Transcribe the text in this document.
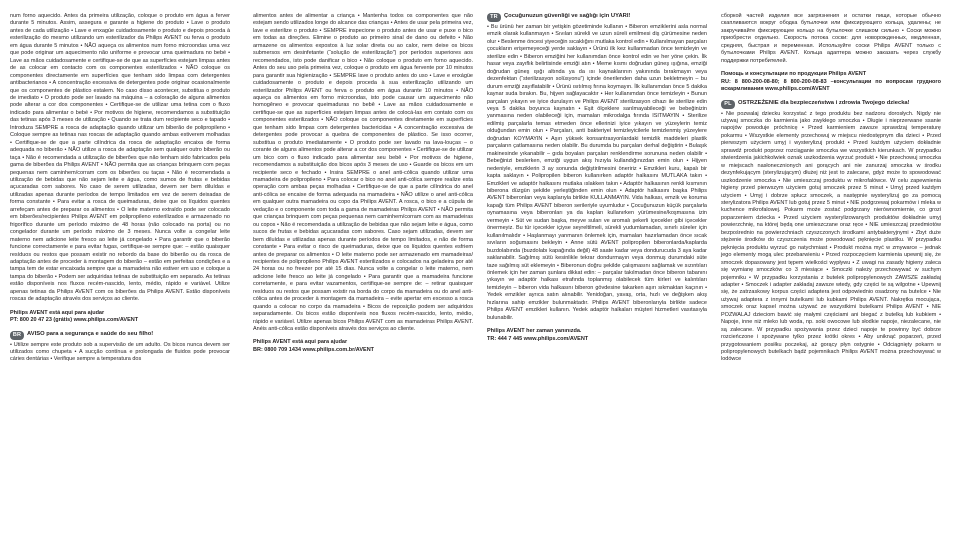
num forno aquecido. Antes da primeira utilização, coloque o produto em água a ferver durante 5 minutos. Assim, assegura e garante a higiene do produto • Lave o produto antes de cada utilização • Lave e enxagúe cuidadosamente o produto e depois proceda à esterilização do mesmo utilizando um esterilizador da Philips AVENT ou ferva o produto em água durante 5 minutos • NÃO aqueça os alimentos num forno microondas uma vez que pode originar um aquecimento não uniforme e provocar uma queimadura no bebé • Lave as mãos cuidadosamente e certifique-se de que as superfícies estejam limpas antes de as colocar em contacto com os componentes esterilizados • NÃO coloque os componentes directamente em superfícies que tenham sido limpas com detergentes antibacterianos • A concentração excessiva de detergentes pode originar ocasionalmente que os componentes de plástico estalem. No caso disso acontecer, substitua o produto de imediato • O produto pode ser lavado na máquina – a coloração de alguns alimentos pode alterar a cor dos componentes • Certifique-se de utilizar uma tetina com o fluxo indicado para alimentar o bebé • Por motivos de higiene, recomendamos a substituição das tetinas após 3 meses de utilização • Quando se trata dum recipiente seco e tapado • Introduza SEMPRE a rosca de adaptação quando utilizar um biberão de polipropileno • Coloque sempre as tetinas nas roscas de adaptação quando ambas estiverem molhadas • Certifique-se de que a parte cilíndrica da rosca de adaptação encaixa de forma adequada no biberão • NÃO utilize a rosca de adaptação sem qualquer outro biberão ou taça • Não é recomendada a utilização de biberões que não tenham sido fabricados pela gama de biberões da Philips AVENT • NÃO permita que as crianças brinquem com peças pequenas nem caminhem/corram com os biberões ou taças • Não é recomendada a utilização de bebidas que não sejam leite e água, como sumos de frutas e bebidas açucaradas com sabores. No caso de serem utilizadas, devem ser bem diluídas e utilizadas apenas durante períodos de tempo limitados em vez de serem deixadas de forma constante • Para evitar a rosca de queimaduras, deixe que os líquidos quentes arrefeçam antes de preparar os alimentos • O leite materno extraído pode ser colocado em biberões/recipientes Philips AVENT em polipropileno esterilizados e armazenado no frigorífico durante um período máximo de 48 horas (não colocado na porta) ou no congelador durante um período máximo de 3 meses. Nunca volte a congelar leite materno nem adicione leite fresco ao leite já congelado • Para garantir que o biberão funcione correctamente e para evitar fugas, certifique-se sempre que: – estão quaisquer resíduos ou restos que possam existir no rebordo da base do biberão ou da rosca de adaptação antes de proceder à montagem do biberão – estão em perfeitas condições e a tampa tem de estar encaixada sempre que a mamadeira não estiver em uso e coloque a tampa do biberão • Podem ser adquiridas tetinas de substituição em separado. As tetinas estão disponíveis nos fluxos recém-nascido, lento, médio, rápido e variável. Utilize apenas tetinas da Philips AVENT com os biberões da Philips AVENT. Estão disponíveis roscas de adaptação através dos serviços ao cliente.

Philips AVENT está aqui para ajudar
PT: 800 20 47 23 (grátis) www.philips.com/AVENT
BR	AVISO para a segurança e saúde do seu filho!

• Utilize sempre este produto sob a supervisão de um adulto. Os bicos nunca devem ser utilizados como chupeta • A sucção contínua e prolongada de fluidos pode provocar cáries dentárias • Verifique sempre a temperatura dos

alimentos antes de alimentar a criança • Mantenha todos os componentes que não estejam sendo utilizados longe do alcance das crianças • Antes de usar pela primeira vez, lave e esterilize o produto • SEMPRE inspecione o produto antes de usar e puxe o bico em todas as direções. Elimine o produto ao primeiro sinal de dano ou defeito • Não armazene os alimentos expostos à luz solar direta ou ao calor, nem deixe os bicos submersos em desinfetante (“solução de esterilização”) por períodos superiores aos recomendados, isto pode danificar o bico • Não coloque o produto em forno aquecido. Antes do seu uso pela primeira vez, coloque o produto em água fervente por 10 minutos para garantir sua higienização • SEMPRE lave o produto antes do uso • Lave e enxágüe cuidadosamente o produto e depois proceda à sua esterilização utilizando um esterilizador Philips AVENT ou ferva o produto em água durante 10 minutos • NÃO aqueça os alimentos em forno microondas, isto pode causar um aquecimento não homogêneo e provocar queimaduras no bebê • Lave as mãos cuidadosamente e certifique-se que as superfícies estejam limpas antes de colocá-las em contato com os componentes esterilizados • NÃO coloque os componentes diretamente em superfícies que tenham sido limpas com detergentes bactericidas • A concentração excessiva de detergentes pode provocar a quebra de componentes de plástico. Se isso ocorrer, substitua o produto imediatamente • O produto pode ser lavado na lava-louças – o corante de alguns alimentos pode alterar a cor dos componentes • Certifique-se de utilizar um bico com o fluxo indicado para alimentar seu bebê • Por motivos de higiene, recomendamos a substituição dos bicos após 3 meses de uso • Guarde os bicos em um recipiente seco e fechado • Insira SEMPRE o anel anti-cólica quando utilizar uma mamadeira de polipropileno • Para colocar o bico no anel anti-cólica sempre realize esta operação com ambas peças molhadas • Certifique-se de que a parte cilíndrica do anel anti-cólica se encaixe de forma adequada na mamadeira • NÃO utilize o anel anti-cólica em qualquer outra mamadeira ou copo da Philips AVENT. A rosca, o bico e a cúpula de vedação e o componente com toda a gama de mamadeiras Philips AVENT • NÃO permita que crianças brinquem com peças pequenas nem caminhem/corram com as mamadeiras ou copos • Não é recomendada a utilização de bebidas que não sejam leite e água, como sucos de frutas e bebidas açucaradas com sabores. Caso sejam utilizadas, devem ser bem diluídas e utilizadas apenas durante períodos de tempo limitados, e não de forma constante • Para evitar o risco de queimaduras, deixe que os líquidos quentes esfriem antes de preparar os alimentos • O leite materno pode ser armazenado em mamadeiras/ recipientes de polipropileno Philips AVENT esterilizados e colocados na geladeira por até 24 horas ou no freezer por até 15 dias. Nunca volte a congelar o leite materno, nem adicione leite fresco ao leite já congelado • Para garantir que a mamadeira funcione corretamente, e para evitar vazamentos, certifique-se sempre de: – retirar quaisquer resíduos ou restos que possam existir na borda do corpo da mamadeira ou do anel anti-cólica antes de proceder à montagem da mamadeira – evite apertar em excesso a rosca quando a colocar no corpo da mamadeira • Bicos de reposição podem ser adquiridos separadamente. Os bicos estão disponíveis nos fluxos recém-nascido, lento, médio, rápido e variável. Utilize apenas bicos Philips AVENT com as mamadeiras Philips AVENT. Anéis anti-cólica estão disponíveis através dos serviços ao cliente.

Philips AVENT está aqui para ajudar
BR: 0800 709 1434 www.philips.com.br/AVENT
TR	Çocuğunuzun güvenliği ve sağlığı için UYARI!

• Bu ürünü her zaman bir yetişkin gözetiminde kullanın • Biberon emziklerini asla normal emzik olarak kullanmayın • Sıvıları sürekli ve uzun süreli emilmesi diş çürümesine neden olur • Beslenme öncesi yiyeceğin sıcaklığını mutlaka kontrol edin • Kullanılmayan parçaları çocukların erişemeyeceği yerde saklayın • Ürünü ilk kez kullanmadan önce temizleyin ve sterilize edin • Biberon emziğini her kullanımdan önce kontrol edin ve her yöne çekin. İlk hasar veya zayıflık belirtisinde emziği atın • Meme kısmı doğrudan güneş ışığına, emziği doğrudan güneş ışığı altında ya da ısı kaynaklarının yakınında bırakmayın veya dezenfektan (“sterilizasyon solüsyonu”) içinde önerilenden daha uzun bekletmeyin – bu durum emziği zayıflatabilir • Ürünü ısıtılmış fırına koymayın. İlk kullanımdan önce 5 dakika kaynar suda bırakın. Bu, hijyen sağlayacaktır • Her kullanımdan önce temizleyin • Bunun parçaları yıkayın ve iyice durulayın ve Philips AVENT sterilizasyon cihazı ile sterilize edin veya 5 dakika boyunca kaynatın • Eşit ölçeklere sarılmayabileceği ve bebeğinizin yanmasına neden olabileceği için, mamaları mikrodalga fırında ISITMAYIN • Sterilize edilmiş parçalarla temas etmeden önce ellerinizi iyice yıkayın ve yüzeylerin temiz olduğundan emin olun • Parçaları, anti bakteriyel temizleyicilerle temizlenmiş yüzeylere doğrudan KOYMAYIN • Aşırı yüksek konsantrasyonlardaki temizlik maddeleri plastik parçaların çatlamasına neden olabilir. Bu durumda bu parçaları derhal değiştirin • Bulaşık makinesinde yıkanabilir – gıda boyaları parçaları renklendirme sorununa neden olabilir • Bebeğinizi beslerken, emziği uygun akış hızıyla kullandığınızdan emin olun • Hijyen nedeniyle, emziklerin 3 ay sonunda değiştirilmesini öneririz • Emzikleri kuru, kapalı bir kapta saklayın • Polipropilen biberon kullanırken adaptör halkasını MUTLAKA takın • Emzikleri ve adaptör halkasını mutlaka ıslakken takın • Adaptör halkasının renkli kısmının biberona düzgün şekilde yerleştiğinden emin olun • Adaptör halkasını başka Philips AVENT biberonları veya kaplarıyla birlikte KULLANMAYIN. Vida halkası, emzik ve koruma kapağı tüm Philips AVENT biberon serileriyle uyumludur • Çocuğunuzun küçük parçalarla oynamasına veya biberonları ya da kapları kullanırken yürümesine/koşmasına izin vermeyin • Süt ve sudan başka, meyve suları ve aromalı şekerli içecekler gibi içecekler önermeyiz. Bu tür içecekler içiyse seyreltilmeli, sürekli yudumlamadan, sınırlı süreler için kullanılmalıdır • Haşlanmayı yanmanın önlemek için, mamaları hazırlamadan önce sıcak sıvıların soğumasını bekleyin • Anne sütü AVENT polipropilen biberonlarda/kaplarda buzdolabında (buzdolabı kapağında değil) 48 saate kadar veya dondurucuda 3 aya kadar saklanabilir. Sağılmış sütü kesinlikle tekrar dondurmayın veya donmuş durumdaki süte taze sağılmış süt eklemeyin • Biberonun doğru şekilde çalışmasını sağlamak ve sızıntıları önlemek için her zaman şunlara dikkat edin: – parçalar takılmadan önce biberon tabanını yıkayın ve adaptör halkası etrafında toplanmış olabilecek tüm kirleri ve kalıntıları temizleyin – biberon vida halkasını biberon gövdesine takarken aşırı sıkmaktan kaçının • Yedek emzikler ayrıca satın alınabilir. Yenidoğan, yavaş, orta, hızlı ve değişken akış hızlarına sahip emzikler bulunmaktadır. Philips AVENT biberonlarıyla birlikte sadece Philips AVENT emzikleri kullanın. Yedek adaptör halkaları müşteri hizmetleri vasıtasıyla bulunabilir.

Philips AVENT her zaman yanınızda.
TR: 444 7 445 www.philips.com/AVENT

сборкой частей изделия все загрязнения и остатки пищи, которые обычно скапливаются вокруг ободка бутылочки или фиксирующего кольца, удалены; не закручивайте фиксирующее кольцо на бутылочке слишком сильно • Соски можно приобрести отдельно. Скорость потока соски: для новорожденных, медленная, средняя, быстрая и переменная. Используйте соски Philips AVENT только с бутылочками Philips AVENT. Кольца адаптера можно заказать через службу поддержки потребителей.

Помощь и консультации по продукции Philips AVENT
RU: 8 800-200-08-80; 8 800-200-08-83 –консультации по вопросам грудного вскармливания www.philips.com/AVENT
PL	OSTRZEŻENIE dla bezpieczeństwa i zdrowia Twojego dziecka!

• Nie pozwalaj dziecku korzystać z tego produktu bez nadzoru dorosłych. Nigdy nie używaj smoczka do karmienia jako zwykłego smoczka • Długie i nieprzerwane ssanie napojów powoduje próchnicę • Przed karmieniem zawsze sprawdzaj temperaturę pokarmu • Wszystkie elementy przechowuj w miejscu niedostępnym dla dzieci • Przed pierwszym użyciem umyj i wysterylizuj produkt • Przed każdym użyciem dokładnie sprawdź produkt poprzez rozciąganie smoczka we wszystkich kierunkach. W przypadku stwierdzenia jakichkolwiek oznak uszkodzenia wyrzuć produkt • Nie przechowuj smoczka w miejscach nasłonecznionych ani gorących ani nie zanurzaj smoczka w środku dezynfekującym (sterylizującym) dłużej niż jest to zalecane, gdyż może to spowodować uszkodzenie smoczka • Nie umieszczaj produktu w mikrofalówce. W celu zapewnienia higieny przed pierwszym użyciem gotuj smoczek przez 5 minut • Umyj przed każdym użyciem • Umyj i dobrze spłucz smoczek, a następnie wysterylizuj go za pomocą sterylizatora Philips AVENT lub gotuj przez 5 minut • NIE podgrzewaj pokarmów i mleka w kuchence mikrofalowej. Pokarm może zostać podgrzany nierównomiernie, co grozi poparzeniem dziecka • Przed użyciem wysterylizowanych produktów dokładnie umyj powierzchnię, na której będą one umieszczane oraz ręce • NIE umieszczaj przedmiotów bezpośrednio na powierzchniach czyszczonych środkami antybakteryjnymi • Zbyt duże stężenie środków do czyszczenia może powodować pęknięcie plastiku. W przypadku pęknięcia produktu wyrzuć go natychmiast • Produkt można myć w zmywarce – jednak jego elementy mogą ulec przebarwieniu • Przed rozpoczęciem karmienia upewnij się, że smoczek dopasowany jest tępem wielkości wypływu • Z uwagi na zasady higieny zaleca się wymianę smoczków co 3 miesiące • Smoczki należy przechowywać w suchym pojemniku • W przypadku korzystania z butelek polipropylenowych ZAWSZE zakładaj adapter • Smoczek i adapter zakładaj zawsze wtedy, gdy części te są wilgotne • Upewnij się, że zatrzaskowy korpus części adaptera jest odpowiednio osadzony na butelce • Nie używaj adaptera z innymi butelkami lub kubkami Philips AVENT. Nakrętka mocująca, smoczek oraz kapsel można używać ze wszystkimi butelkami Philips AVENT • NIE POZWALAJ dzieciom bawić się małymi częściami ani biegać z butelką lub kubkiem • Napoje, inne niż mleko lub woda, np. soki owocowe lub słodkie napoje, niezalecane, nie są zalecane. W przypadku spożywania przez dzieci napoje te powinny być dobrze rozcieńczone i spożywane tylko przez krótki okres • Aby uniknąć poparzeń, przed przygotowaniem posiłku poczekaj, aż gorący płyn ostygnie • Odciągnięty pokarm w polipropylenowych butelkach bądź pojemnikach Philips AVENT można przechowywać w lodówce
